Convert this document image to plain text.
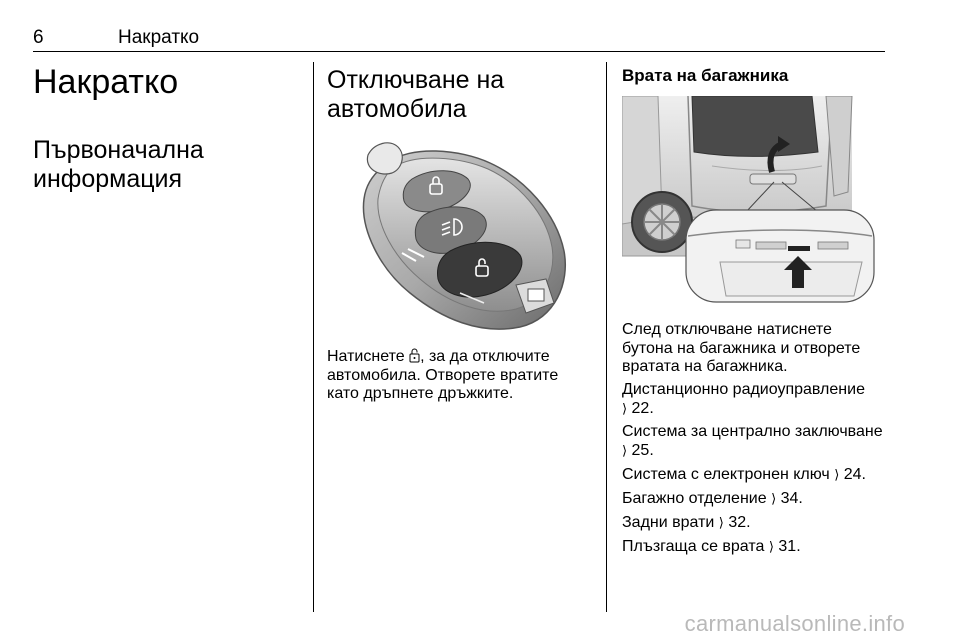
6	Накратко
Накратко
Първоначална
информация
Отключване на
автомобила

Натиснете , за да отключите
автомобила. Отворете вратите
като дръпнете дръжките.

Врата на багажника

След отключване натиснете
бутона на багажника и отворете
вратата на багажника.

Дистанционно радиоуправление
⟩ 22.

Система за централно заключване
⟩ 25.

Система с електронен ключ ⟩ 24.

Багажно отделение ⟩ 34.

Задни врати ⟩ 32.

Плъзгаща се врата ⟩ 31.

carmanualsonline.info
